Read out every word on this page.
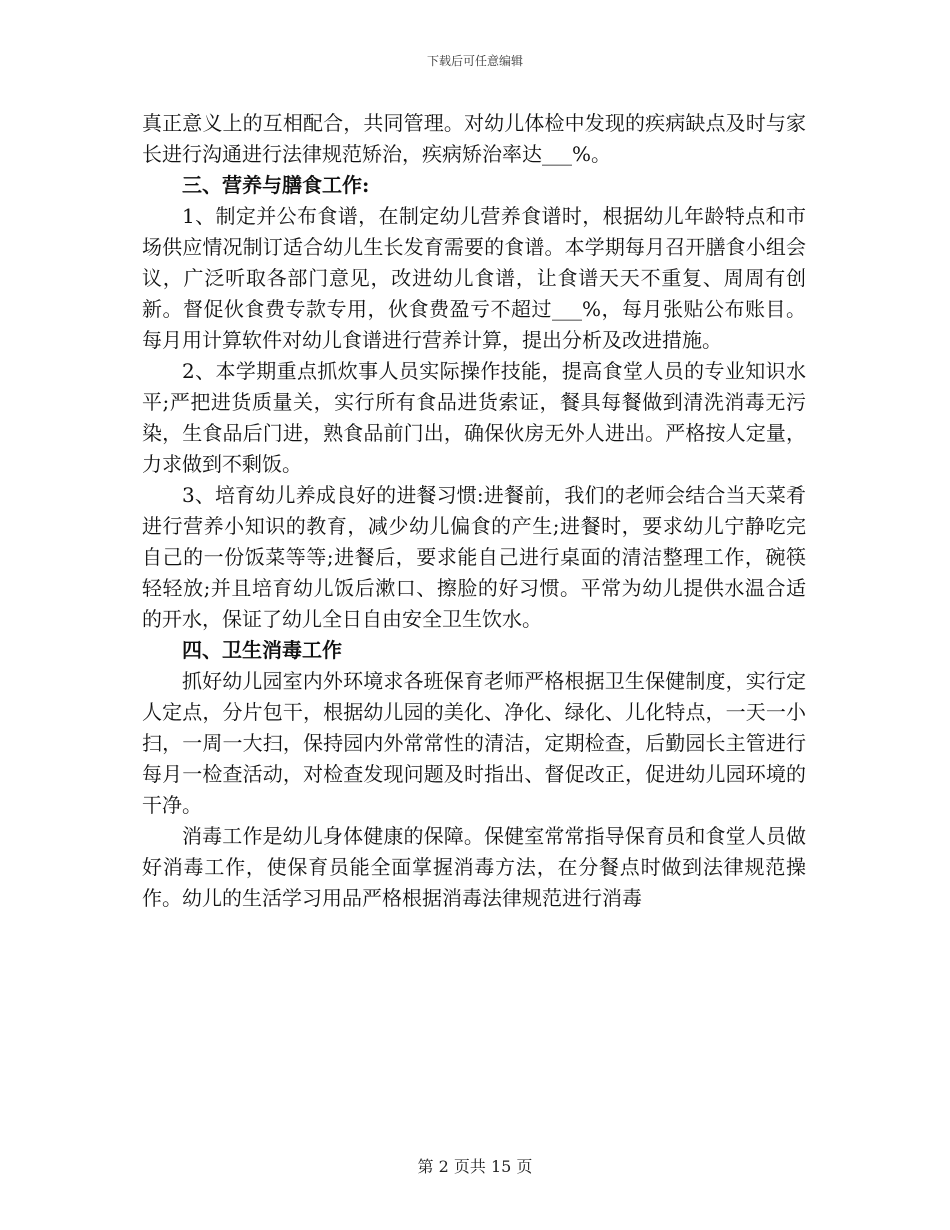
下载后可任意编辑

真正意义上的互相配合，共同管理。对幼儿体检中发现的疾病缺点及时与家长进行沟通进行法律规范矫治，疾病矫治率达___%。

三、营养与膳食工作:

1、制定并公布食谱，在制定幼儿营养食谱时，根据幼儿年龄特点和市场供应情况制订适合幼儿生长发育需要的食谱。本学期每月召开膳食小组会议，广泛听取各部门意见，改进幼儿食谱，让食谱天天不重复、周周有创新。督促伙食费专款专用，伙食费盈亏不超过___%，每月张贴公布账目。每月用计算软件对幼儿食谱进行营养计算，提出分析及改进措施。

2、本学期重点抓炊事人员实际操作技能，提高食堂人员的专业知识水平;严把进货质量关，实行所有食品进货索证，餐具每餐做到清洗消毒无污染，生食品后门进，熟食品前门出，确保伙房无外人进出。严格按人定量，力求做到不剩饭。

3、培育幼儿养成良好的进餐习惯:进餐前，我们的老师会结合当天菜肴进行营养小知识的教育，减少幼儿偏食的产生;进餐时，要求幼儿宁静吃完自己的一份饭菜等等;进餐后，要求能自己进行桌面的清洁整理工作，碗筷轻轻放;并且培育幼儿饭后漱口、擦脸的好习惯。平常为幼儿提供水温合适的开水，保证了幼儿全日自由安全卫生饮水。

四、卫生消毒工作

抓好幼儿园室内外环境求各班保育老师严格根据卫生保健制度，实行定人定点，分片包干，根据幼儿园的美化、净化、绿化、儿化特点，一天一小扫，一周一大扫，保持园内外常常性的清洁，定期检查，后勤园长主管进行每月一检查活动，对检查发现问题及时指出、督促改正，促进幼儿园环境的干净。

消毒工作是幼儿身体健康的保障。保健室常常指导保育员和食堂人员做好消毒工作，使保育员能全面掌握消毒方法，在分餐点时做到法律规范操作。幼儿的生活学习用品严格根据消毒法律规范进行消毒

第 2 页共 15 页
